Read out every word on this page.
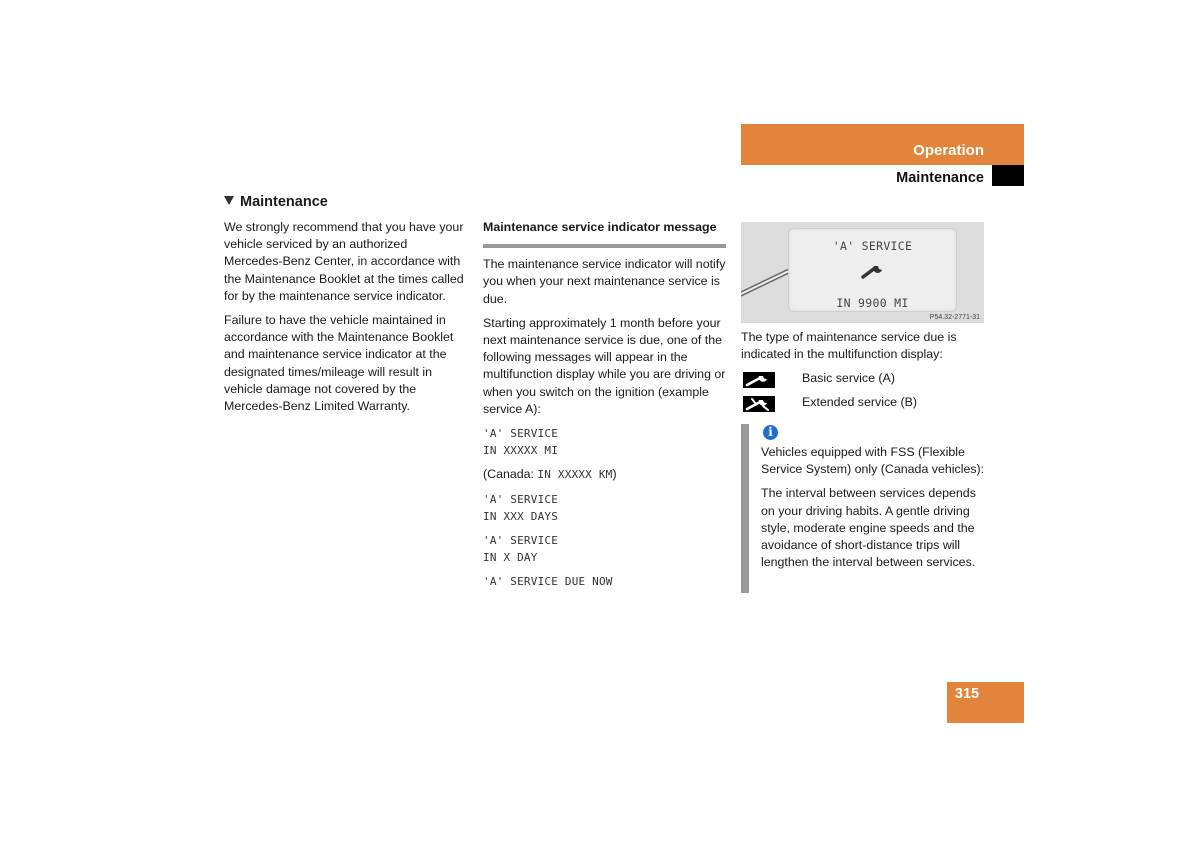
Operation
Maintenance
Maintenance

We strongly recommend that you have your vehicle serviced by an authorized Mercedes-Benz Center, in accordance with the Maintenance Booklet at the times called for by the maintenance service indicator.

Failure to have the vehicle maintained in accordance with the Maintenance Booklet and maintenance service indicator at the designated times/mileage will result in vehicle damage not covered by the Mercedes-Benz Limited Warranty.

Maintenance service indicator message

The maintenance service indicator will notify you when your next maintenance service is due.

Starting approximately 1 month before your next maintenance service is due, one of the following messages will appear in the multifunction display while you are driving or when you switch on the ignition (example service A):

'A' SERVICE
IN XXXXX MI
(Canada: IN XXXXX KM)
'A' SERVICE
IN XXX DAYS
'A' SERVICE
IN X DAY
'A' SERVICE DUE NOW
'A' SERVICE
IN 9900 MI
P54.32-2771-31

The type of maintenance service due is indicated in the multifunction display:

Basic service (A)
Extended service (B)
i

Vehicles equipped with FSS (Flexible Service System) only (Canada vehicles):

The interval between services depends on your driving habits. A gentle driving style, moderate engine speeds and the avoidance of short-distance trips will lengthen the interval between services.

315
